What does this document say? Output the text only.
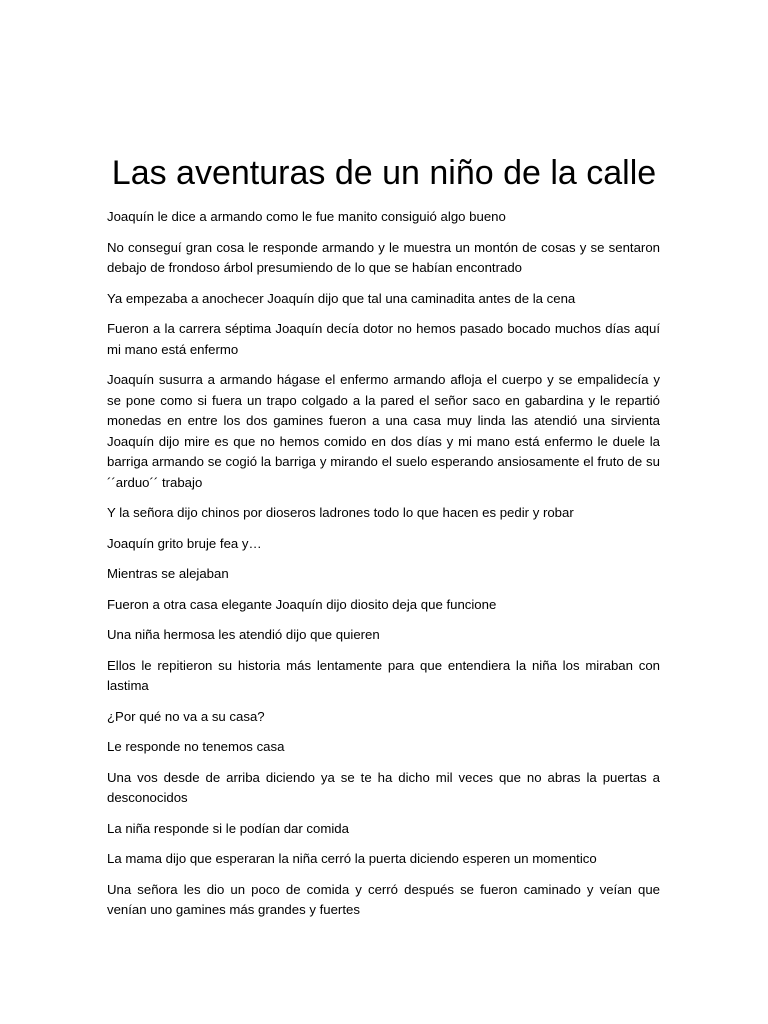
Las aventuras de un niño de la calle

Joaquín le dice a armando como le fue manito consiguió algo bueno

No conseguí gran cosa le responde armando y le muestra un montón de cosas y se sentaron debajo de frondoso árbol presumiendo de lo que se habían encontrado

Ya empezaba a anochecer Joaquín dijo que tal una caminadita antes de la cena

Fueron a la carrera séptima Joaquín decía dotor no hemos pasado bocado muchos días aquí mi mano está enfermo

Joaquín susurra a armando hágase el enfermo armando afloja el cuerpo y se empalidecía y se pone como si fuera un trapo colgado a la pared el señor saco en gabardina y le repartió monedas en entre los dos gamines fueron a una casa muy linda las atendió una sirvienta Joaquín dijo mire es que no hemos comido en dos días y mi mano está enfermo le duele la barriga armando se cogió la barriga y mirando el suelo esperando ansiosamente el fruto de su ´´arduo´´ trabajo

Y la señora dijo chinos por dioseros ladrones todo lo que hacen es pedir y robar

Joaquín grito bruje fea y…

Mientras se alejaban

Fueron a otra casa elegante Joaquín dijo diosito deja que funcione

Una niña hermosa les atendió dijo que quieren

Ellos le repitieron su historia más lentamente para que entendiera la niña los miraban con lastima

¿Por qué no va a su casa?

Le responde no tenemos casa

Una vos desde de arriba diciendo ya se te ha dicho mil veces que no abras la puertas a desconocidos

La niña responde si le podían dar comida

La mama dijo que esperaran la niña cerró la puerta diciendo esperen un momentico

Una señora les dio un poco de comida y cerró después se fueron caminado y veían que venían uno gamines más grandes y fuertes
